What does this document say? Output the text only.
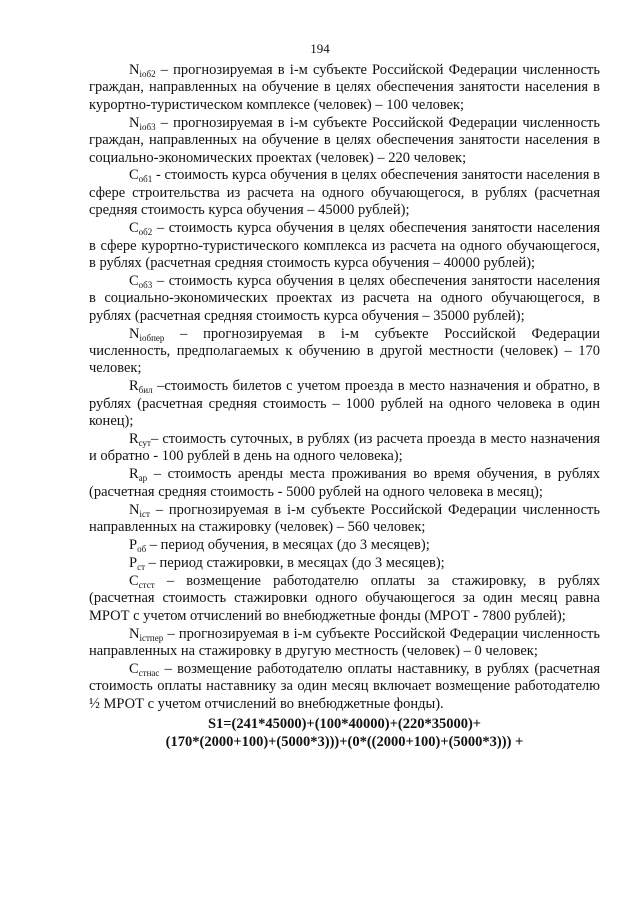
194

$N_{ioб2}$ – прогнозируемая в i-м субъекте Российской Федерации численность граждан, направленных на обучение в целях обеспечения занятости населения в курортно-туристическом комплексе (человек) – 100 человек;

$N_{ioб3}$ – прогнозируемая в i-м субъекте Российской Федерации численность граждан, направленных на обучение в целях обеспечения занятости населения в социально-экономических проектах (человек) – 220 человек;

$С_{об1}$ - стоимость курса обучения в целях обеспечения занятости населения в сфере строительства из расчета на одного обучающегося, в рублях (расчетная средняя стоимость курса обучения – 45000 рублей);

$С_{об2}$ – стоимость курса обучения в целях обеспечения занятости населения в сфере курортно-туристического комплекса из расчета на одного обучающегося, в рублях (расчетная средняя стоимость курса обучения – 40000 рублей);

$С_{об3}$ – стоимость курса обучения в целях обеспечения занятости населения в социально-экономических проектах из расчета на одного обучающегося, в рублях (расчетная средняя стоимость курса обучения – 35000 рублей);

$N_{iобпер}$ – прогнозируемая в i-м субъекте Российской Федерации численность, предполагаемых к обучению в другой местности (человек) – 170 человек;

$R_{бил}$ –стоимость билетов с учетом проезда в место назначения и обратно, в рублях (расчетная средняя стоимость – 1000 рублей на одного человека в один конец);

$R_{сут}-$ стоимость суточных, в рублях (из расчета проезда в место назначения и обратно - 100 рублей в день на одного человека);

$R_{ар}$ – стоимость аренды места проживания во время обучения, в рублях (расчетная средняя стоимость - 5000 рублей на одного человека в месяц);

$N_{iст}$ – прогнозируемая в i-м субъекте Российской Федерации численность направленных на стажировку (человек) – 560 человек;

$Р_{об}$ – период обучения, в месяцах (до 3 месяцев);

$Р_{ст}$ – период стажировки, в месяцах (до 3 месяцев);

$С_{стст}$ – возмещение работодателю оплаты за стажировку, в рублях (расчетная стоимость стажировки одного обучающегося за один месяц равна МРОТ с учетом отчислений во внебюджетные фонды (МРОТ - 7800 рублей);

$N_{iстпер}$ – прогнозируемая в i-м субъекте Российской Федерации численность направленных на стажировку в другую местность (человек) – 0 человек;

$С_{стнас}$ – возмещение работодателю оплаты наставнику, в рублях (расчетная стоимость оплаты наставнику за один месяц включает возмещение работодателю ½ МРОТ с учетом отчислений во внебюджетные фонды).

S1=(241*45000)+(100*40000)+(220*35000)+
(170*(2000+100)+(5000*3)))+(0*((2000+100)+(5000*3))) +
